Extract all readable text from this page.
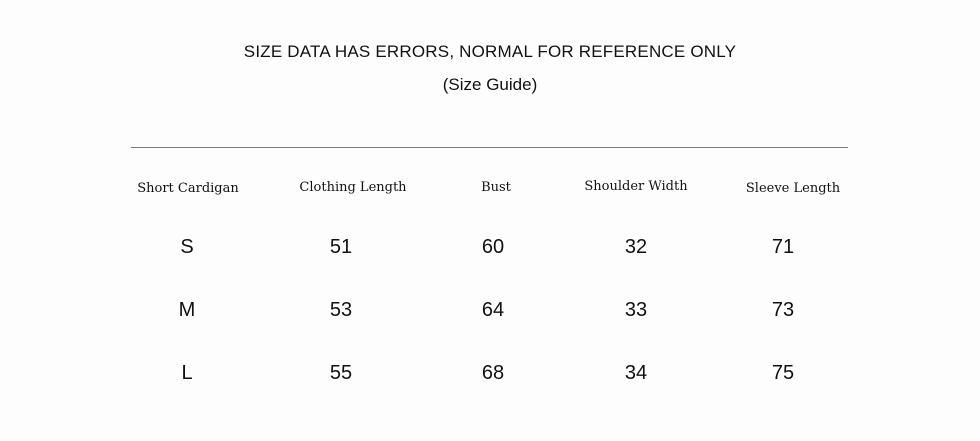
SIZE DATA HAS ERRORS, NORMAL FOR REFERENCE ONLY
(Size Guide)
Short Cardigan	Clothing Length	Bust	Shoulder Width	Sleeve Length
S	51	60	32	71
M	53	64	33	73
L	55	68	34	75
